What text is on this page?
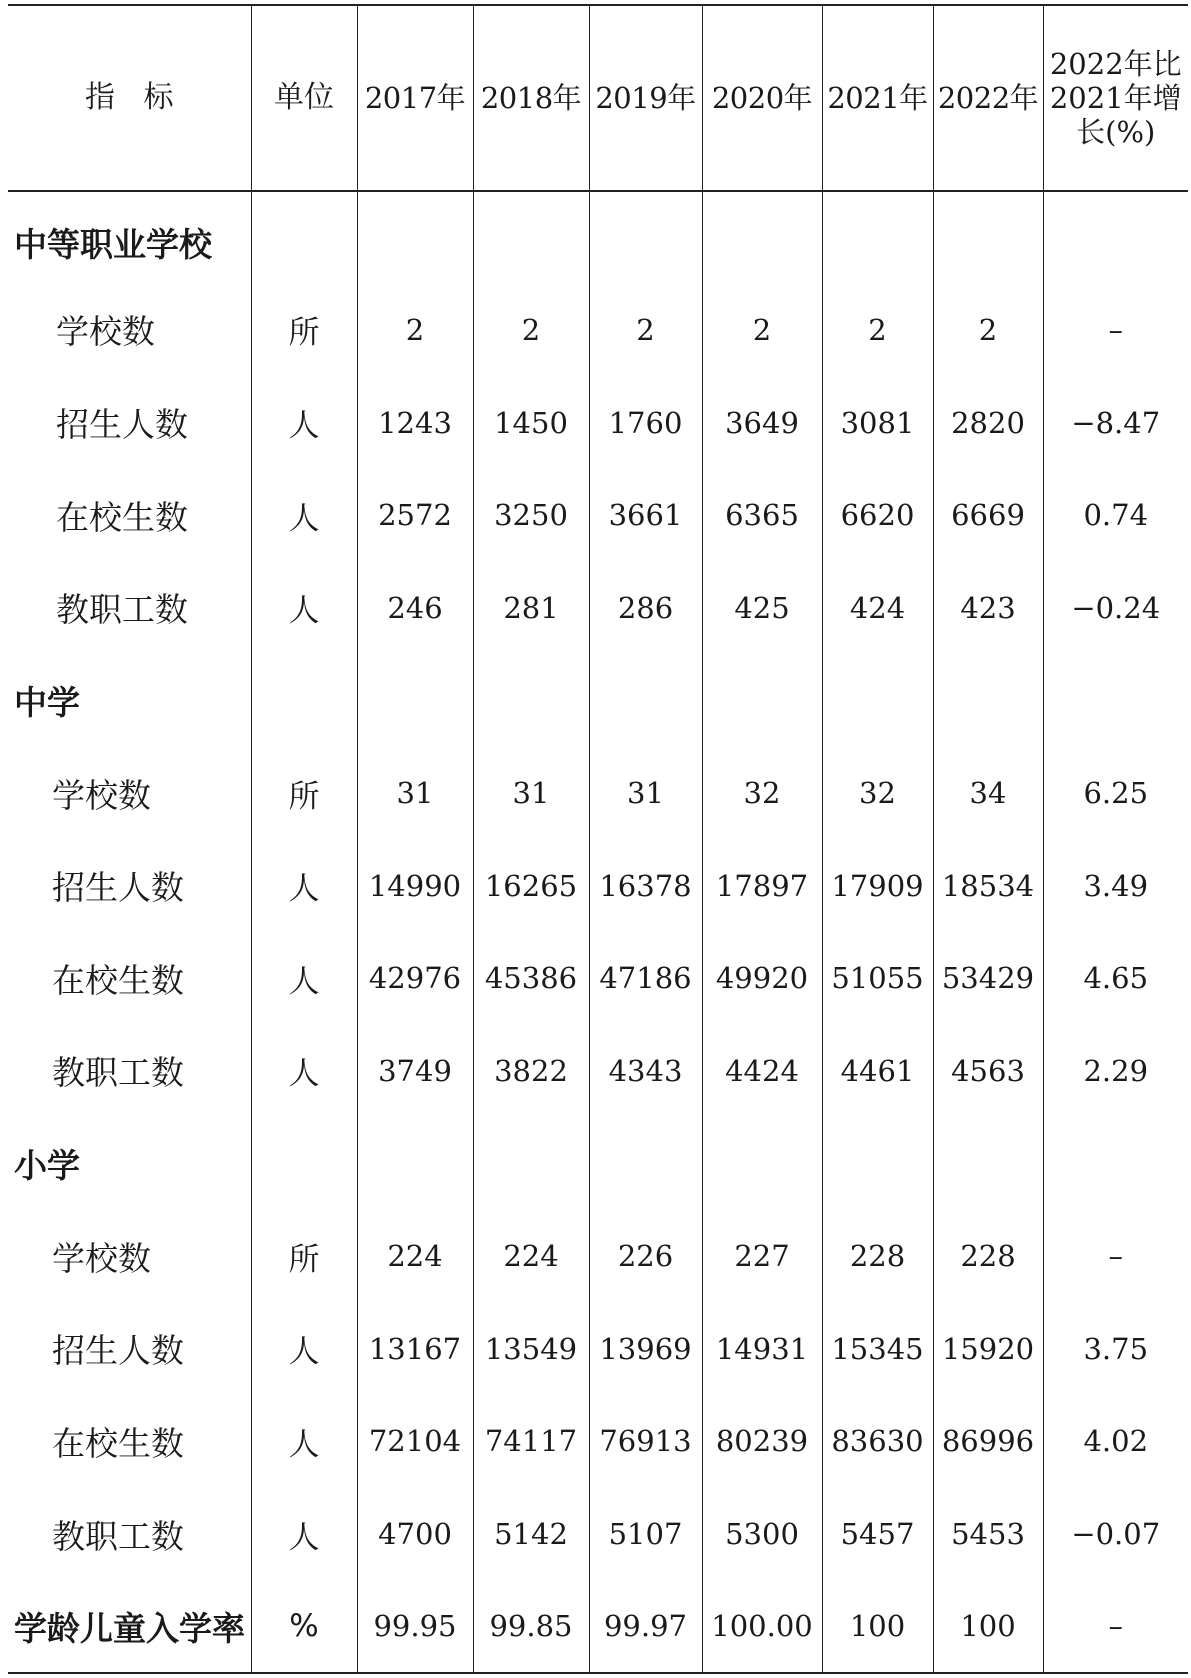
指   标	单位	2017年	2018年	2019年	2020年	2021年	2022年	2022年比
2021年增
长(%)

中等职业学校								
学校数	所	2	2	2	2	2	2	–
招生人数	人	1243	1450	1760	3649	3081	2820	−8.47
在校生数	人	2572	3250	3661	6365	6620	6669	0.74
教职工数	人	246	281	286	425	424	423	−0.24
中学								
学校数	所	31	31	31	32	32	34	6.25
招生人数	人	14990	16265	16378	17897	17909	18534	3.49
在校生数	人	42976	45386	47186	49920	51055	53429	4.65
教职工数	人	3749	3822	4343	4424	4461	4563	2.29
小学								
学校数	所	224	224	226	227	228	228	–
招生人数	人	13167	13549	13969	14931	15345	15920	3.75
在校生数	人	72104	74117	76913	80239	83630	86996	4.02
教职工数	人	4700	5142	5107	5300	5457	5453	−0.07
学龄儿童入学率	%	99.95	99.85	99.97	100.00	100	100	–
